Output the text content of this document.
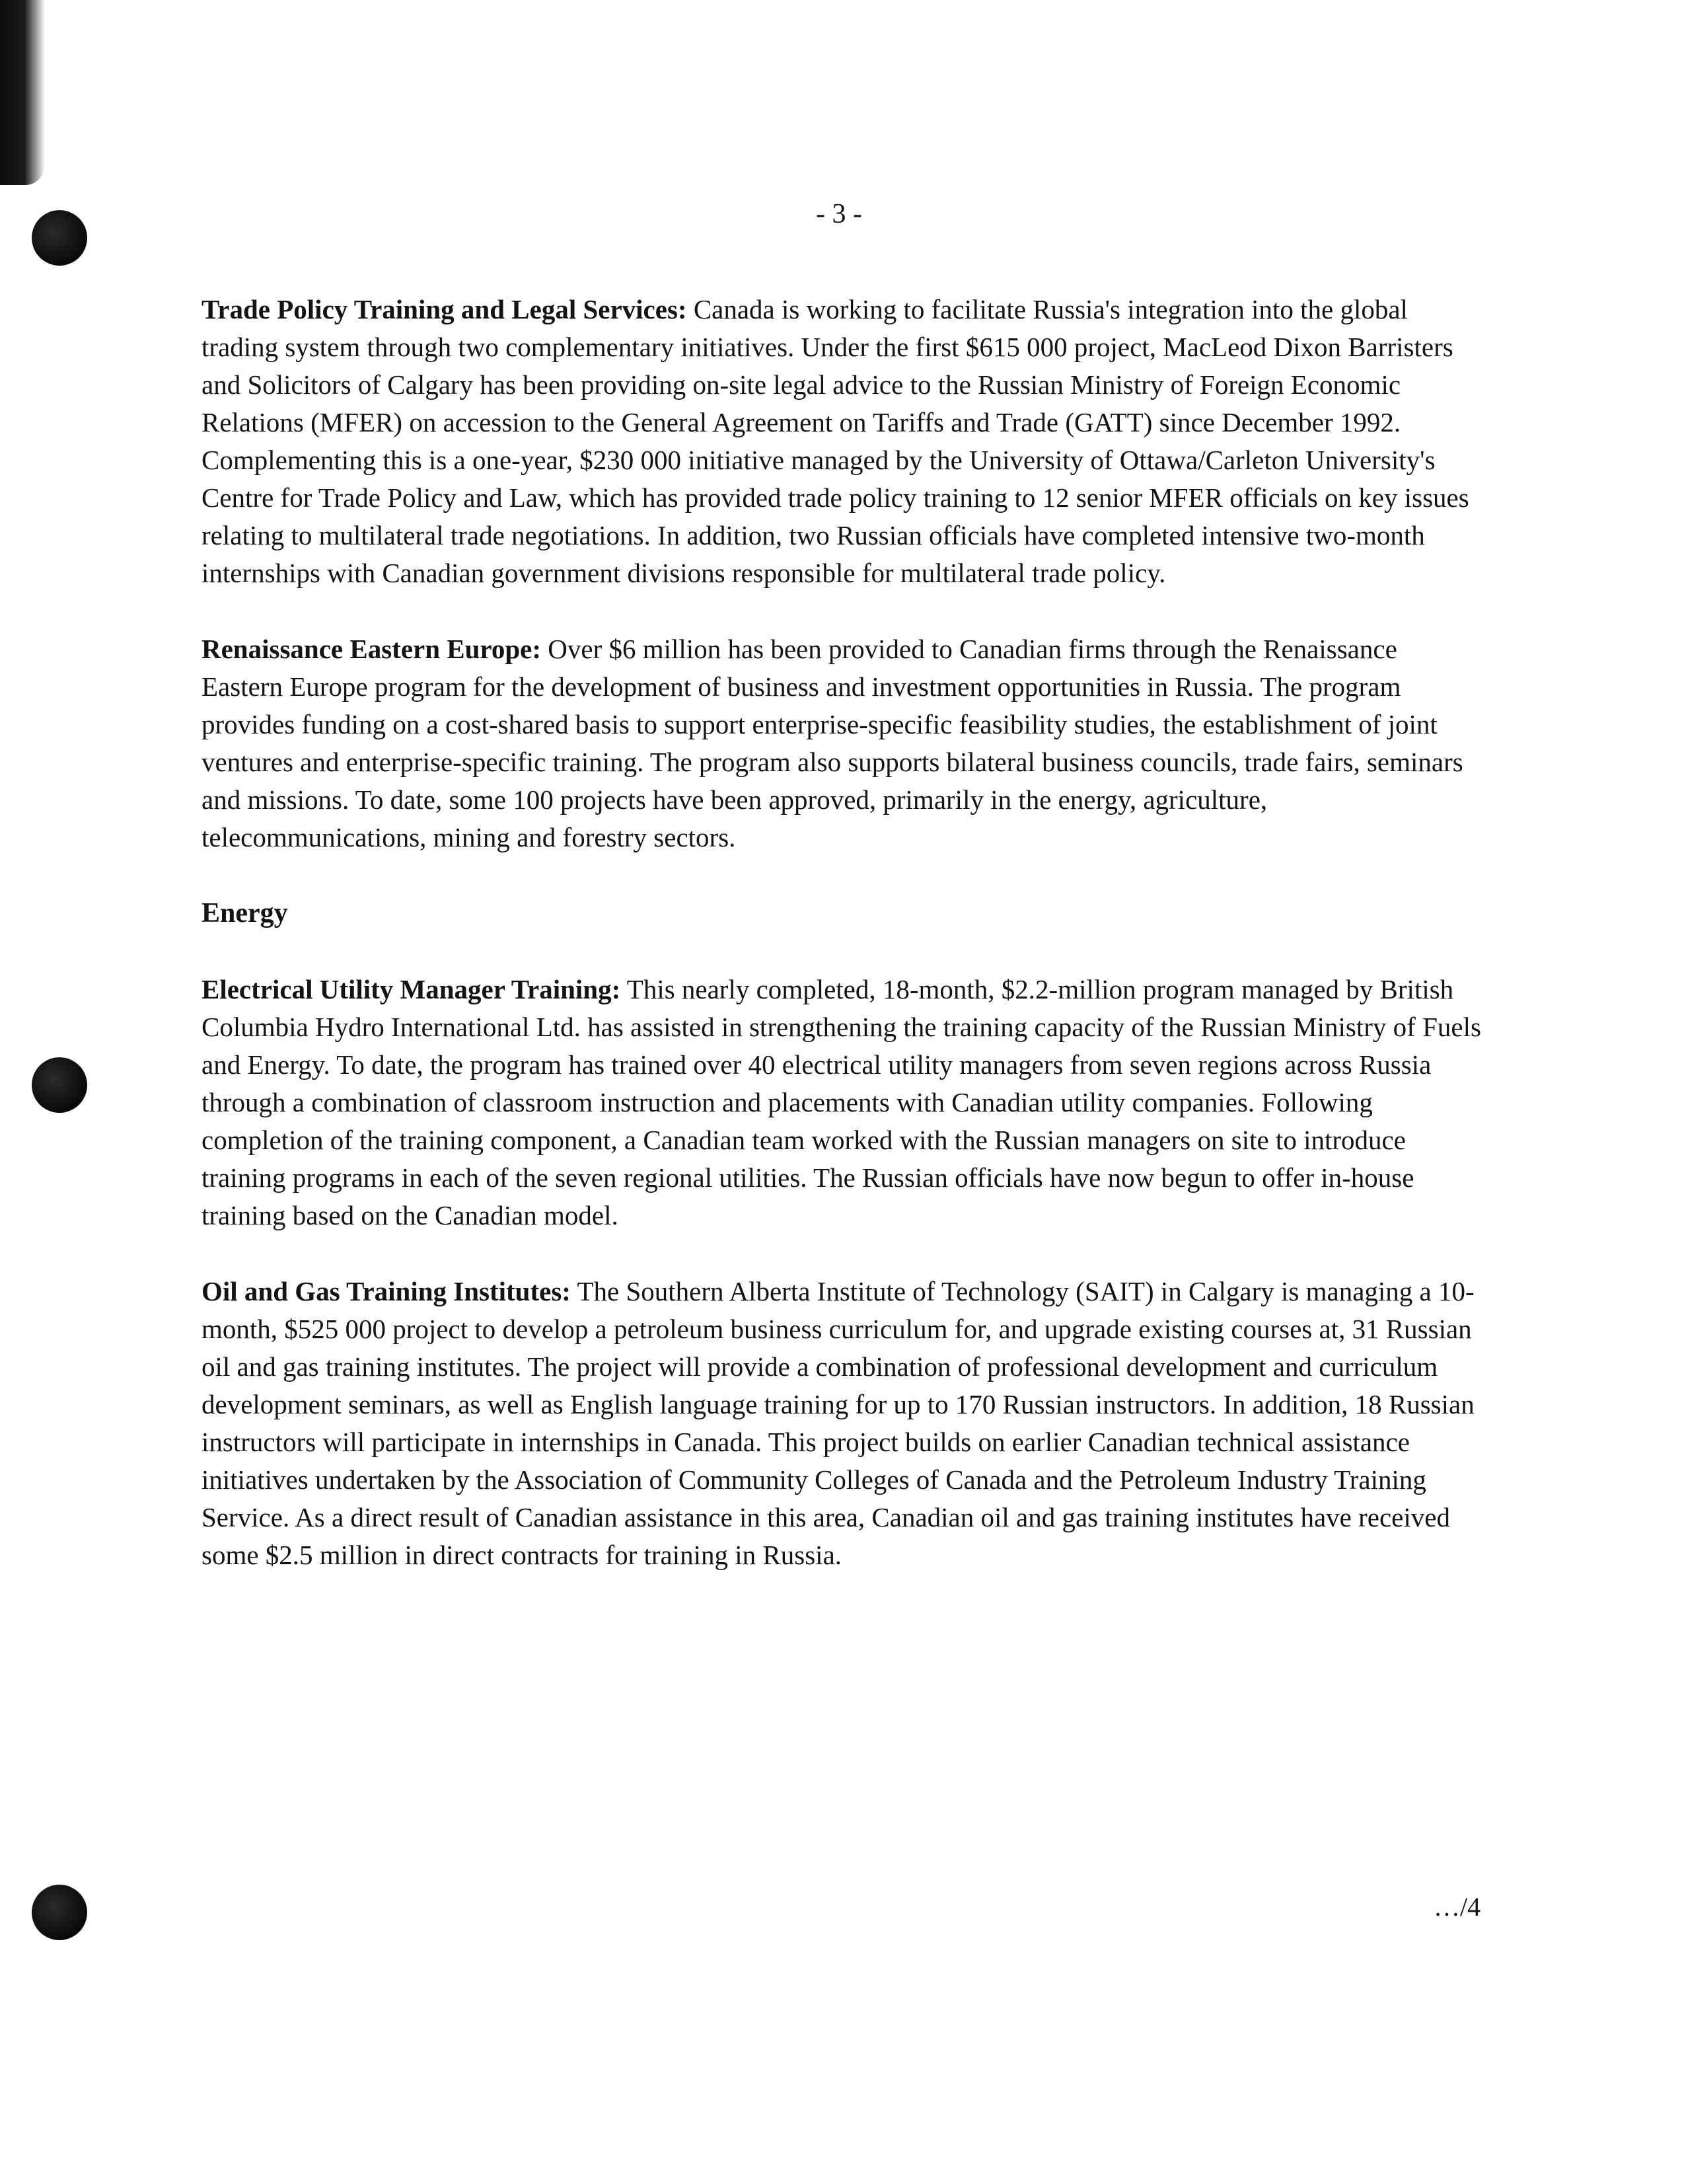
- 3 -

Trade Policy Training and Legal Services: Canada is working to facilitate Russia's integration into the global trading system through two complementary initiatives. Under the first $615 000 project, MacLeod Dixon Barristers and Solicitors of Calgary has been providing on-site legal advice to the Russian Ministry of Foreign Economic Relations (MFER) on accession to the General Agreement on Tariffs and Trade (GATT) since December 1992. Complementing this is a one-year, $230 000 initiative managed by the University of Ottawa/Carleton University's Centre for Trade Policy and Law, which has provided trade policy training to 12 senior MFER officials on key issues relating to multilateral trade negotiations. In addition, two Russian officials have completed intensive two-month internships with Canadian government divisions responsible for multilateral trade policy.

Renaissance Eastern Europe: Over $6 million has been provided to Canadian firms through the Renaissance Eastern Europe program for the development of business and investment opportunities in Russia. The program provides funding on a cost-shared basis to support enterprise-specific feasibility studies, the establishment of joint ventures and enterprise-specific training. The program also supports bilateral business councils, trade fairs, seminars and missions. To date, some 100 projects have been approved, primarily in the energy, agriculture, telecommunications, mining and forestry sectors.

Energy

Electrical Utility Manager Training: This nearly completed, 18-month, $2.2-million program managed by British Columbia Hydro International Ltd. has assisted in strengthening the training capacity of the Russian Ministry of Fuels and Energy. To date, the program has trained over 40 electrical utility managers from seven regions across Russia through a combination of classroom instruction and placements with Canadian utility companies. Following completion of the training component, a Canadian team worked with the Russian managers on site to introduce training programs in each of the seven regional utilities. The Russian officials have now begun to offer in-house training based on the Canadian model.

Oil and Gas Training Institutes: The Southern Alberta Institute of Technology (SAIT) in Calgary is managing a 10-month, $525 000 project to develop a petroleum business curriculum for, and upgrade existing courses at, 31 Russian oil and gas training institutes. The project will provide a combination of professional development and curriculum development seminars, as well as English language training for up to 170 Russian instructors. In addition, 18 Russian instructors will participate in internships in Canada. This project builds on earlier Canadian technical assistance initiatives undertaken by the Association of Community Colleges of Canada and the Petroleum Industry Training Service. As a direct result of Canadian assistance in this area, Canadian oil and gas training institutes have received some $2.5 million in direct contracts for training in Russia.

…/4
